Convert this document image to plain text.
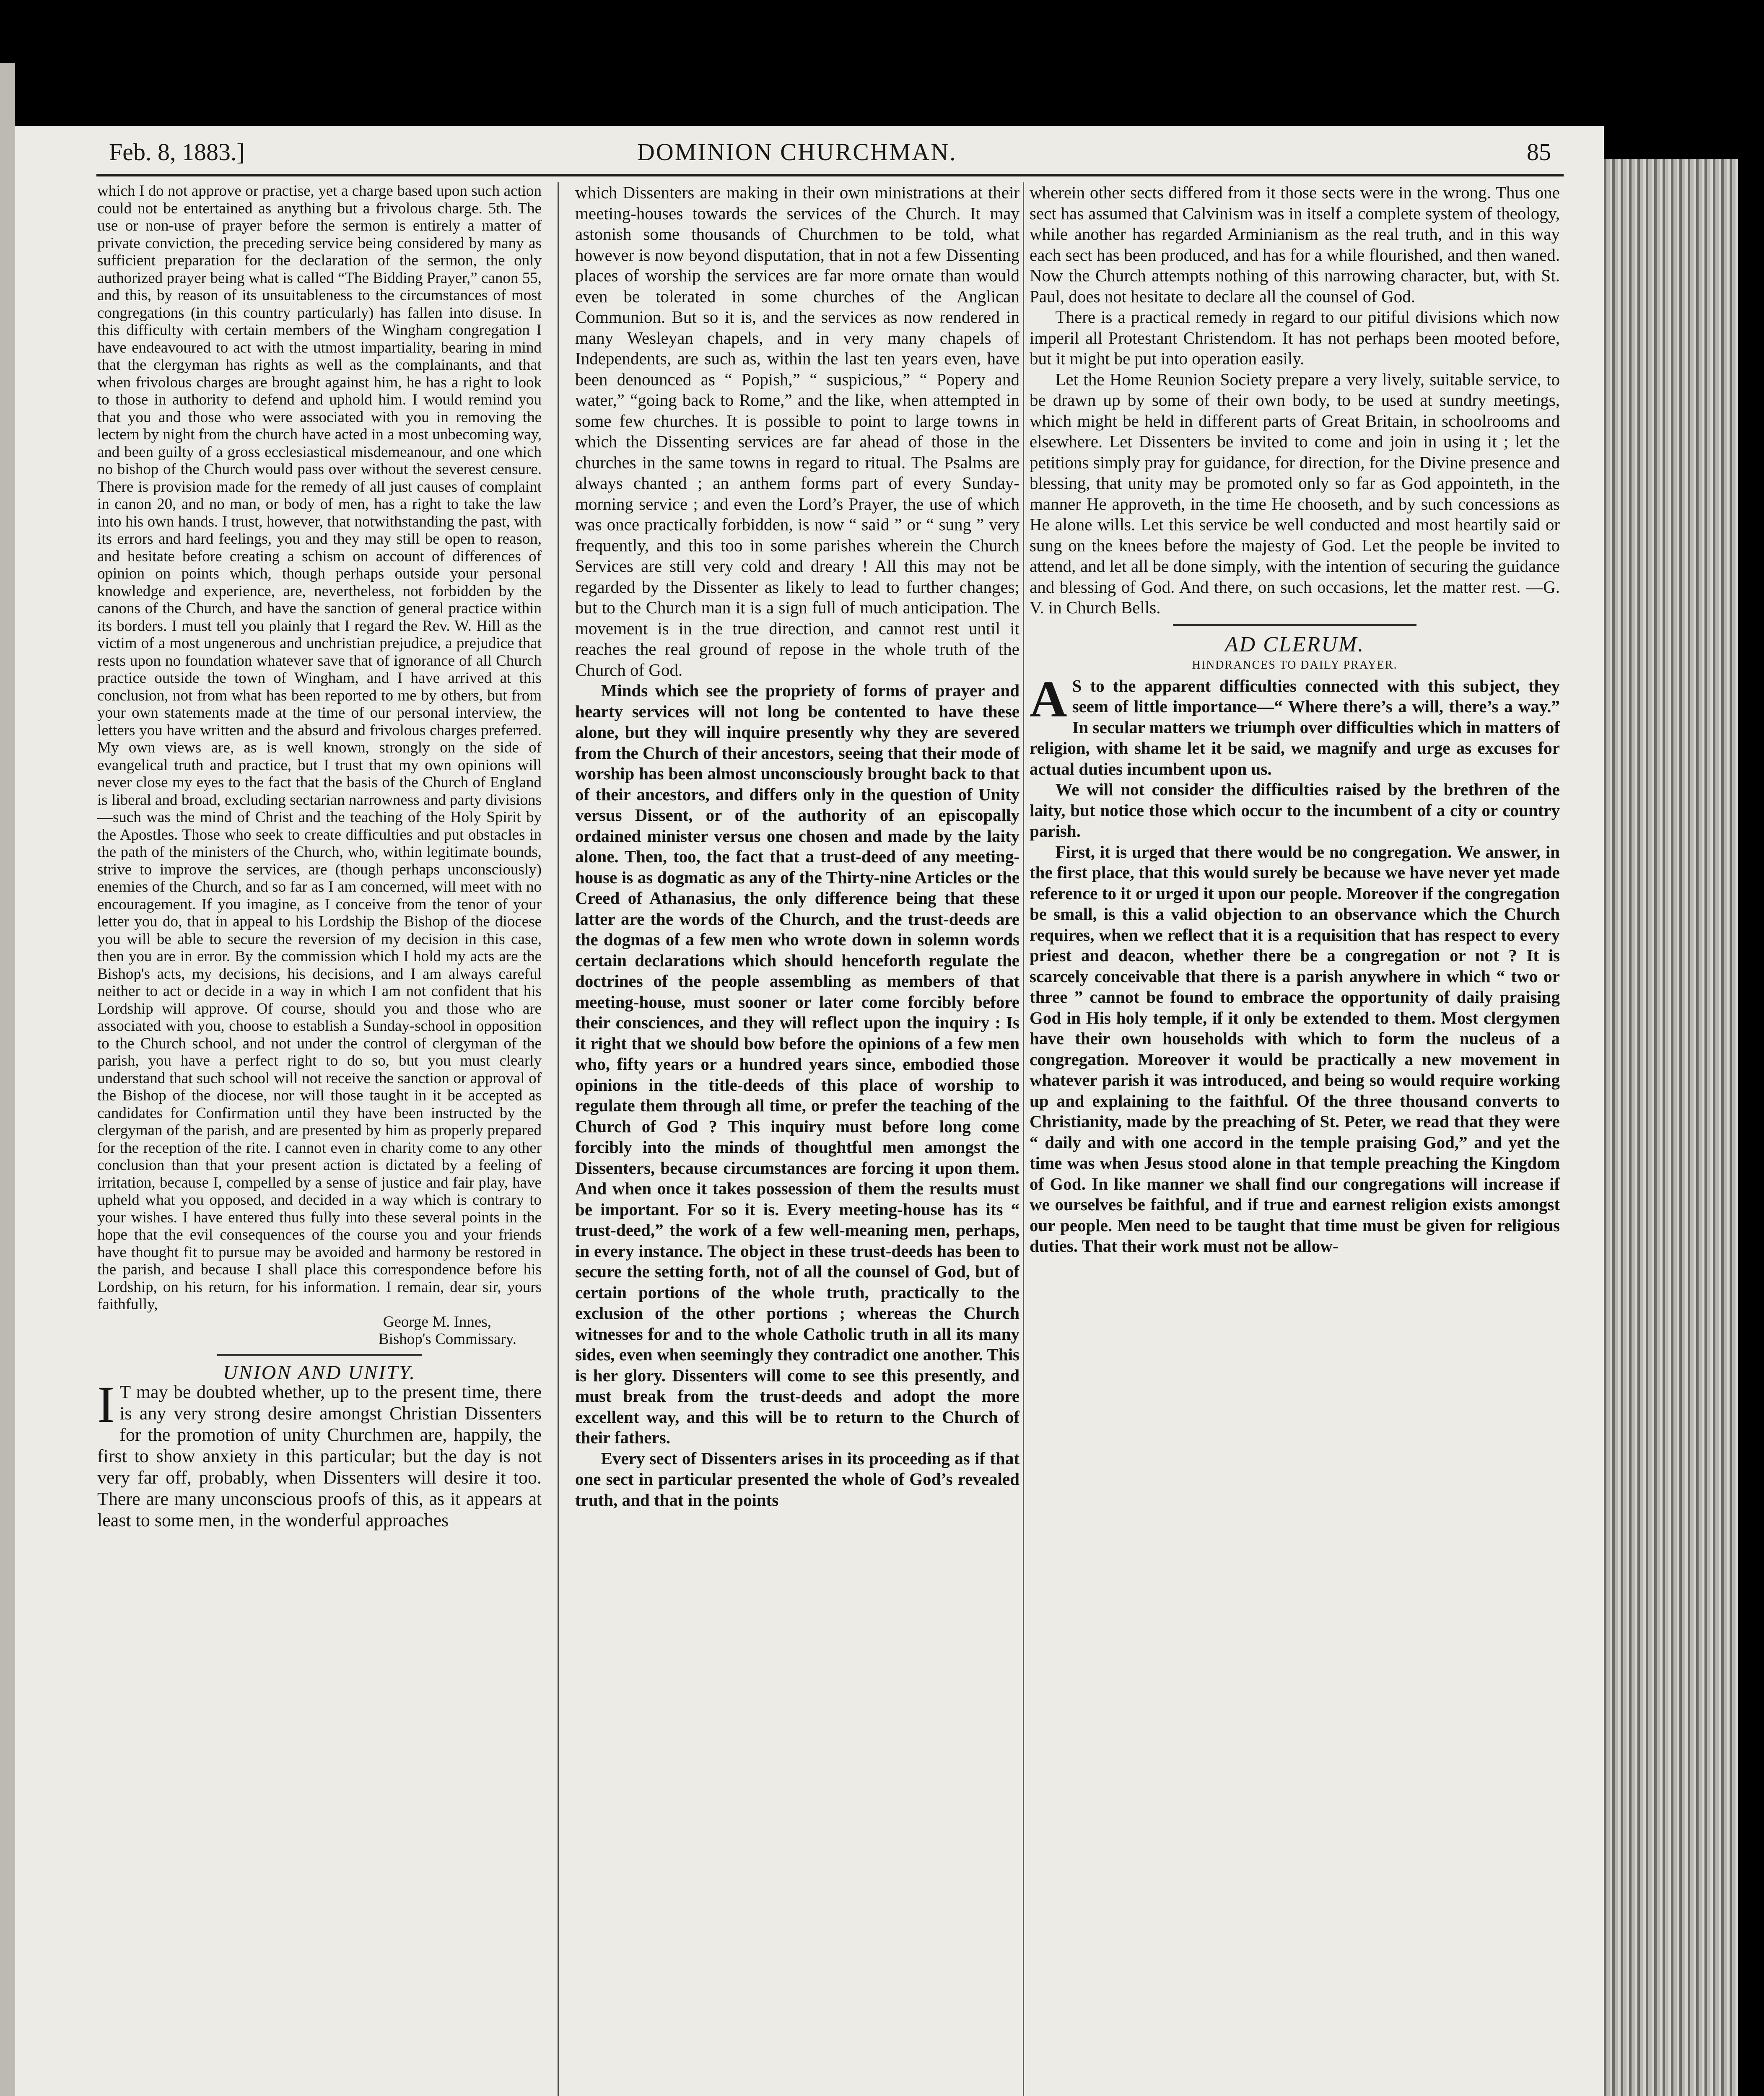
Feb. 8, 1883.]	DOMINION CHURCHMAN.	85

which I do not approve or practise, yet a charge based upon such action could not be entertained as anything but a frivolous charge. 5th. The use or non-use of prayer before the sermon is entirely a matter of private conviction, the preceding service being considered by many as sufficient preparation for the declaration of the sermon, the only authorized prayer being what is called “The Bidding Prayer,” canon 55, and this, by reason of its unsuitableness to the circumstances of most congregations (in this country particularly) has fallen into disuse. In this difficulty with certain members of the Wingham congregation I have endeavoured to act with the utmost impartiality, bearing in mind that the clergyman has rights as well as the complainants, and that when frivolous charges are brought against him, he has a right to look to those in authority to defend and uphold him. I would remind you that you and those who were associated with you in removing the lectern by night from the church have acted in a most unbecoming way, and been guilty of a gross ecclesiastical misdemeanour, and one which no bishop of the Church would pass over without the severest censure. There is provision made for the remedy of all just causes of complaint in canon 20, and no man, or body of men, has a right to take the law into his own hands. I trust, however, that notwithstanding the past, with its errors and hard feelings, you and they may still be open to reason, and hesitate before creating a schism on account of differences of opinion on points which, though perhaps outside your personal knowledge and experience, are, nevertheless, not forbidden by the canons of the Church, and have the sanction of general practice within its borders. I must tell you plainly that I regard the Rev. W. Hill as the victim of a most ungenerous and unchristian prejudice, a prejudice that rests upon no foundation whatever save that of ignorance of all Church practice outside the town of Wingham, and I have arrived at this conclusion, not from what has been reported to me by others, but from your own statements made at the time of our personal interview, the letters you have written and the absurd and frivolous charges preferred. My own views are, as is well known, strongly on the side of evangelical truth and practice, but I trust that my own opinions will never close my eyes to the fact that the basis of the Church of England is liberal and broad, excluding sectarian narrowness and party divisions—such was the mind of Christ and the teaching of the Holy Spirit by the Apostles. Those who seek to create difficulties and put obstacles in the path of the ministers of the Church, who, within legitimate bounds, strive to improve the services, are (though perhaps unconsciously) enemies of the Church, and so far as I am concerned, will meet with no encouragement. If you imagine, as I conceive from the tenor of your letter you do, that in appeal to his Lordship the Bishop of the diocese you will be able to secure the reversion of my decision in this case, then you are in error. By the commission which I hold my acts are the Bishop's acts, my decisions, his decisions, and I am always careful neither to act or decide in a way in which I am not confident that his Lordship will approve. Of course, should you and those who are associated with you, choose to establish a Sunday-school in opposition to the Church school, and not under the control of clergyman of the parish, you have a perfect right to do so, but you must clearly understand that such school will not receive the sanction or approval of the Bishop of the diocese, nor will those taught in it be accepted as candidates for Confirmation until they have been instructed by the clergyman of the parish, and are presented by him as properly prepared for the reception of the rite. I cannot even in charity come to any other conclusion than that your present action is dictated by a feeling of irritation, because I, compelled by a sense of justice and fair play, have upheld what you opposed, and decided in a way which is contrary to your wishes. I have entered thus fully into these several points in the hope that the evil consequences of the course you and your friends have thought fit to pursue may be avoided and harmony be restored in the parish, and because I shall place this correspondence before his Lordship, on his return, for his information. I remain, dear sir, yours faithfully,

George M. Innes,

Bishop's Commissary.

UNION AND UNITY.

I T may be doubted whether, up to the present time, there is any very strong desire amongst Christian Dissenters for the promotion of unity Churchmen are, happily, the first to show anxiety in this particular; but the day is not very far off, probably, when Dissenters will desire it too. There are many unconscious proofs of this, as it appears at least to some men, in the wonderful approaches

which Dissenters are making in their own ministrations at their meeting-houses towards the services of the Church. It may astonish some thousands of Churchmen to be told, what however is now beyond disputation, that in not a few Dissenting places of worship the services are far more ornate than would even be tolerated in some churches of the Anglican Communion. But so it is, and the services as now rendered in many Wesleyan chapels, and in very many chapels of Independents, are such as, within the last ten years even, have been denounced as “ Popish,” “ suspicious,” “ Popery and water,” “going back to Rome,” and the like, when attempted in some few churches. It is possible to point to large towns in which the Dissenting services are far ahead of those in the churches in the same towns in regard to ritual. The Psalms are always chanted ; an anthem forms part of every Sunday-morning service ; and even the Lord’s Prayer, the use of which was once practically forbidden, is now “ said ” or “ sung ” very frequently, and this too in some parishes wherein the Church Services are still very cold and dreary ! All this may not be regarded by the Dissenter as likely to lead to further changes; but to the Church man it is a sign full of much anticipation. The movement is in the true direction, and cannot rest until it reaches the real ground of repose in the whole truth of the Church of God.

Minds which see the propriety of forms of prayer and hearty services will not long be contented to have these alone, but they will inquire presently why they are severed from the Church of their ancestors, seeing that their mode of worship has been almost unconsciously brought back to that of their ancestors, and differs only in the question of Unity versus Dissent, or of the authority of an episcopally ordained minister versus one chosen and made by the laity alone. Then, too, the fact that a trust-deed of any meeting-house is as dogmatic as any of the Thirty-nine Articles or the Creed of Athanasius, the only difference being that these latter are the words of the Church, and the trust-deeds are the dogmas of a few men who wrote down in solemn words certain declarations which should henceforth regulate the doctrines of the people assembling as members of that meeting-house, must sooner or later come forcibly before their consciences, and they will reflect upon the inquiry : Is it right that we should bow before the opinions of a few men who, fifty years or a hundred years since, embodied those opinions in the title-deeds of this place of worship to regulate them through all time, or prefer the teaching of the Church of God ? This inquiry must before long come forcibly into the minds of thoughtful men amongst the Dissenters, because circumstances are forcing it upon them. And when once it takes possession of them the results must be important. For so it is. Every meeting-house has its “ trust-deed,” the work of a few well-meaning men, perhaps, in every instance. The object in these trust-deeds has been to secure the setting forth, not of all the counsel of God, but of certain portions of the whole truth, practically to the exclusion of the other portions ; whereas the Church witnesses for and to the whole Catholic truth in all its many sides, even when seemingly they contradict one another. This is her glory. Dissenters will come to see this presently, and must break from the trust-deeds and adopt the more excellent way, and this will be to return to the Church of their fathers.

Every sect of Dissenters arises in its proceeding as if that one sect in particular presented the whole of God’s revealed truth, and that in the points

wherein other sects differed from it those sects were in the wrong. Thus one sect has assumed that Calvinism was in itself a complete system of theology, while another has regarded Arminianism as the real truth, and in this way each sect has been produced, and has for a while flourished, and then waned. Now the Church attempts nothing of this narrowing character, but, with St. Paul, does not hesitate to declare all the counsel of God.

There is a practical remedy in regard to our pitiful divisions which now imperil all Protestant Christendom. It has not perhaps been mooted before, but it might be put into operation easily.

Let the Home Reunion Society prepare a very lively, suitable service, to be drawn up by some of their own body, to be used at sundry meetings, which might be held in different parts of Great Britain, in schoolrooms and elsewhere. Let Dissenters be invited to come and join in using it ; let the petitions simply pray for guidance, for direction, for the Divine presence and blessing, that unity may be promoted only so far as God appointeth, in the manner He approveth, in the time He chooseth, and by such concessions as He alone wills. Let this service be well conducted and most heartily said or sung on the knees before the majesty of God. Let the people be invited to attend, and let all be done simply, with the intention of securing the guidance and blessing of God. And there, on such occasions, let the matter rest. —G. V. in Church Bells.

AD CLERUM.

HINDRANCES TO DAILY PRAYER.

A S to the apparent difficulties connected with this subject, they seem of little importance—“ Where there’s a will, there’s a way.” In secular matters we triumph over difficulties which in matters of religion, with shame let it be said, we magnify and urge as excuses for actual duties incumbent upon us.

We will not consider the difficulties raised by the brethren of the laity, but notice those which occur to the incumbent of a city or country parish.

First, it is urged that there would be no congregation. We answer, in the first place, that this would surely be because we have never yet made reference to it or urged it upon our people. Moreover if the congregation be small, is this a valid objection to an observance which the Church requires, when we reflect that it is a requisition that has respect to every priest and deacon, whether there be a congregation or not ? It is scarcely conceivable that there is a parish anywhere in which “ two or three ” cannot be found to embrace the opportunity of daily praising God in His holy temple, if it only be extended to them. Most clergymen have their own households with which to form the nucleus of a congregation. Moreover it would be practically a new movement in whatever parish it was introduced, and being so would require working up and explaining to the faithful. Of the three thousand converts to Christianity, made by the preaching of St. Peter, we read that they were “ daily and with one accord in the temple praising God,” and yet the time was when Jesus stood alone in that temple preaching the Kingdom of God. In like manner we shall find our congregations will increase if we ourselves be faithful, and if true and earnest religion exists amongst our people. Men need to be taught that time must be given for religious duties. That their work must not be allow-
